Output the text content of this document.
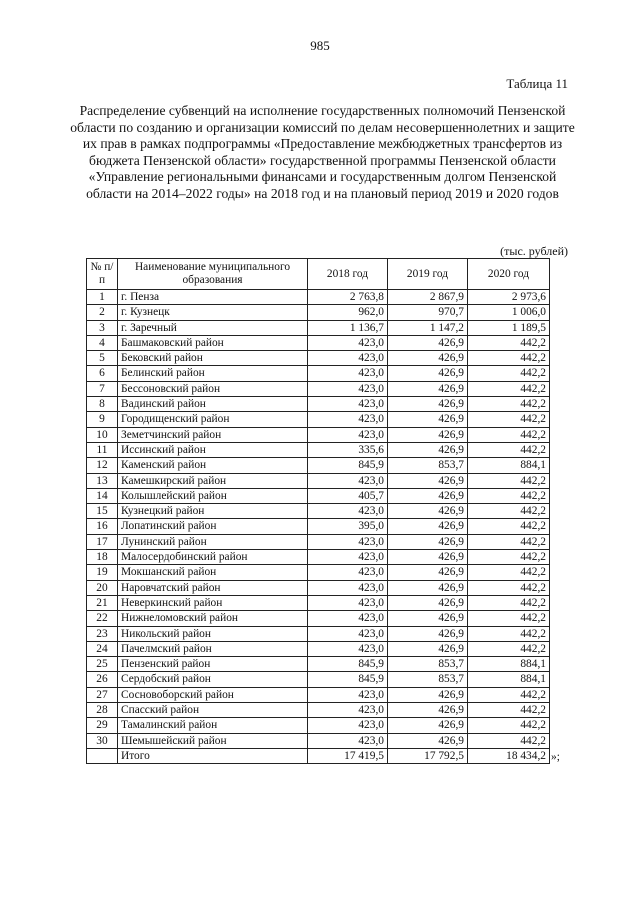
985
Таблица 11
Распределение субвенций на исполнение государственных полномочий Пензенской области по созданию и организации комиссий по делам несовершеннолетних и защите их прав в рамках подпрограммы «Предоставление межбюджетных трансфертов из бюджета Пензенской области» государственной программы Пензенской области «Управление региональными финансами и государственным долгом Пензенской области на 2014–2022 годы» на 2018 год и на плановый период 2019 и 2020 годов
(тыс. рублей)
№ п/п	Наименование муниципального образования	2018 год	2019 год	2020 год
1	г. Пенза	2 763,8	2 867,9	2 973,6
2	г. Кузнецк	962,0	970,7	1 006,0
3	г. Заречный	1 136,7	1 147,2	1 189,5
4	Башмаковский район	423,0	426,9	442,2
5	Бековский район	423,0	426,9	442,2
6	Белинский район	423,0	426,9	442,2
7	Бессоновский район	423,0	426,9	442,2
8	Вадинский район	423,0	426,9	442,2
9	Городищенский район	423,0	426,9	442,2
10	Земетчинский район	423,0	426,9	442,2
11	Иссинский район	335,6	426,9	442,2
12	Каменский район	845,9	853,7	884,1
13	Камешкирский район	423,0	426,9	442,2
14	Колышлейский район	405,7	426,9	442,2
15	Кузнецкий район	423,0	426,9	442,2
16	Лопатинский район	395,0	426,9	442,2
17	Лунинский район	423,0	426,9	442,2
18	Малосердобинский район	423,0	426,9	442,2
19	Мокшанский район	423,0	426,9	442,2
20	Наровчатский район	423,0	426,9	442,2
21	Неверкинский район	423,0	426,9	442,2
22	Нижнеломовский район	423,0	426,9	442,2
23	Никольский район	423,0	426,9	442,2
24	Пачелмский район	423,0	426,9	442,2
25	Пензенский район	845,9	853,7	884,1
26	Сердобский район	845,9	853,7	884,1
27	Сосновоборский район	423,0	426,9	442,2
28	Спасский район	423,0	426,9	442,2
29	Тамалинский район	423,0	426,9	442,2
30	Шемышейский район	423,0	426,9	442,2
	Итого	17 419,5	17 792,5	18 434,2 »;
